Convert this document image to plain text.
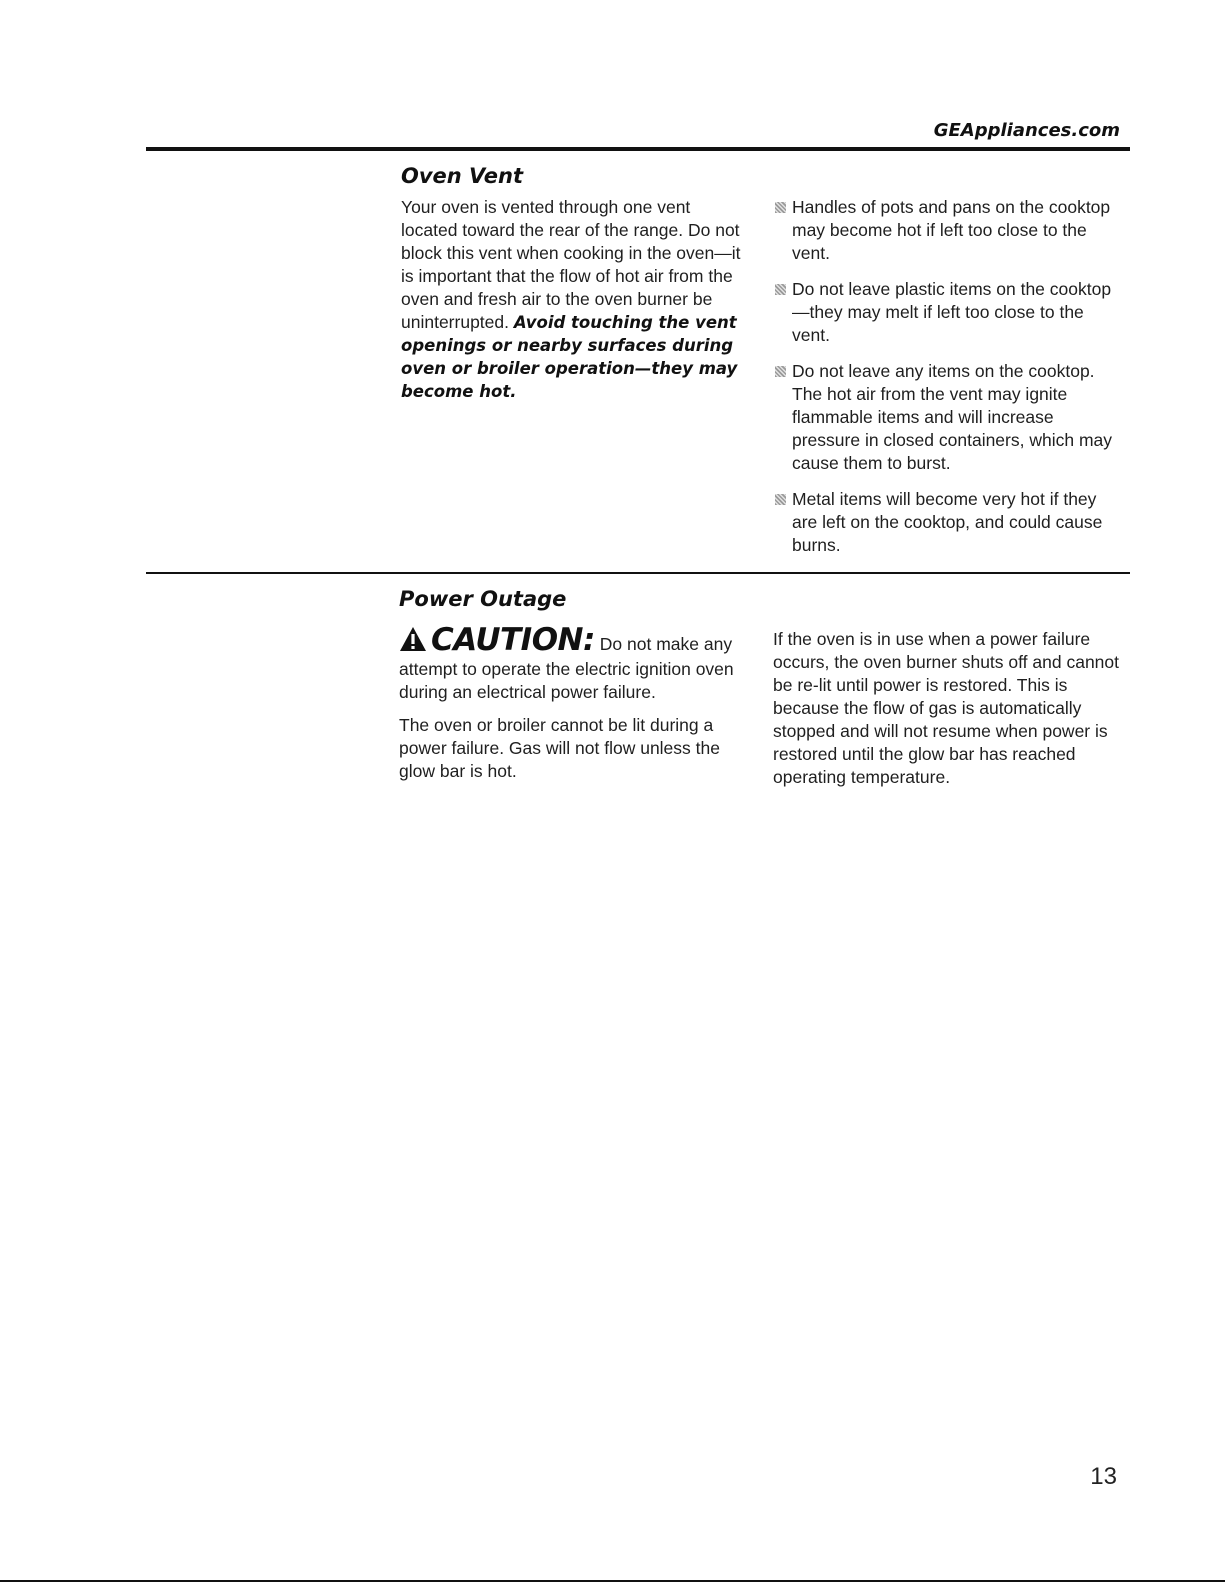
GEAppliances.com
Oven Vent

Your oven is vented through one vent located toward the rear of the range. Do not block this vent when cooking in the oven—it is important that the flow of hot air from the oven and fresh air to the oven burner be uninterrupted. Avoid touching the vent openings or nearby surfaces during oven or broiler operation—they may become hot.

Handles of pots and pans on the cooktop may become hot if left too close to the vent.
Do not leave plastic items on the cooktop—they may melt if left too close to the vent.
Do not leave any items on the cooktop. The hot air from the vent may ignite flammable items and will increase pressure in closed containers, which may cause them to burst.
Metal items will become very hot if they are left on the cooktop, and could cause burns.
Power Outage

CAUTION: Do not make any attempt to operate the electric ignition oven during an electrical power failure.

The oven or broiler cannot be lit during a power failure. Gas will not flow unless the glow bar is hot.

If the oven is in use when a power failure occurs, the oven burner shuts off and cannot be re-lit until power is restored. This is because the flow of gas is automatically stopped and will not resume when power is restored until the glow bar has reached operating temperature.

13
